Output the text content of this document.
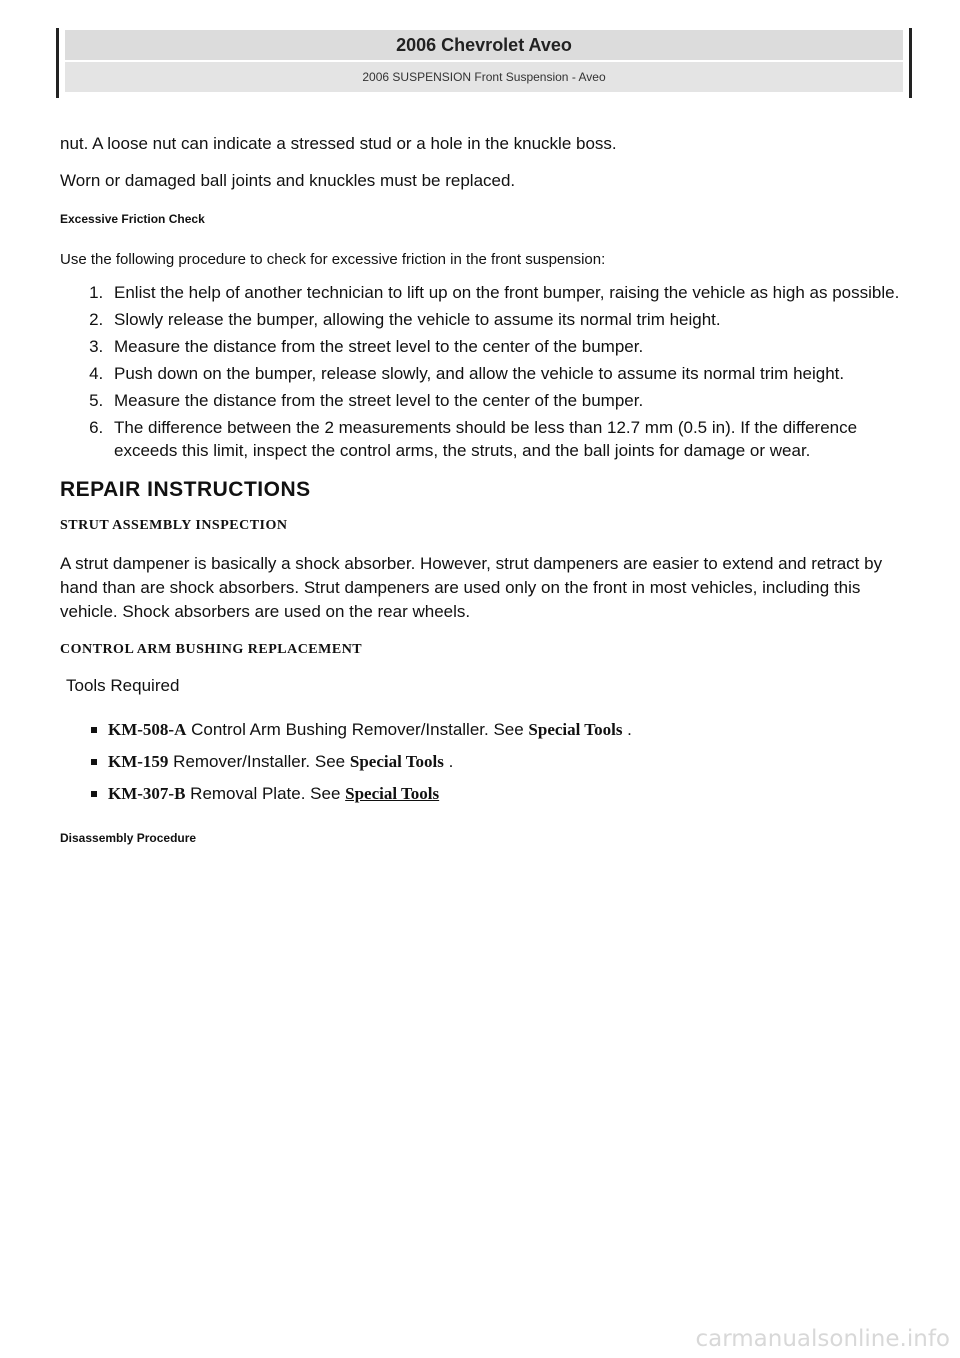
2006 Chevrolet Aveo
2006 SUSPENSION Front Suspension - Aveo

nut. A loose nut can indicate a stressed stud or a hole in the knuckle boss.

Worn or damaged ball joints and knuckles must be replaced.

Excessive Friction Check

Use the following procedure to check for excessive friction in the front suspension:

1. Enlist the help of another technician to lift up on the front bumper, raising the vehicle as high as possible.
2. Slowly release the bumper, allowing the vehicle to assume its normal trim height.
3. Measure the distance from the street level to the center of the bumper.
4. Push down on the bumper, release slowly, and allow the vehicle to assume its normal trim height.
5. Measure the distance from the street level to the center of the bumper.
6. The difference between the 2 measurements should be less than 12.7 mm (0.5 in). If the difference exceeds this limit, inspect the control arms, the struts, and the ball joints for damage or wear.
REPAIR INSTRUCTIONS
STRUT ASSEMBLY INSPECTION

A strut dampener is basically a shock absorber. However, strut dampeners are easier to extend and retract by hand than are shock absorbers. Strut dampeners are used only on the front in most vehicles, including this vehicle. Shock absorbers are used on the rear wheels.

CONTROL ARM BUSHING REPLACEMENT
Tools Required
KM-508-A Control Arm Bushing Remover/Installer. See Special Tools .
KM-159 Remover/Installer. See Special Tools .
KM-307-B Removal Plate. See Special Tools
Disassembly Procedure
carmanualsonline.info
